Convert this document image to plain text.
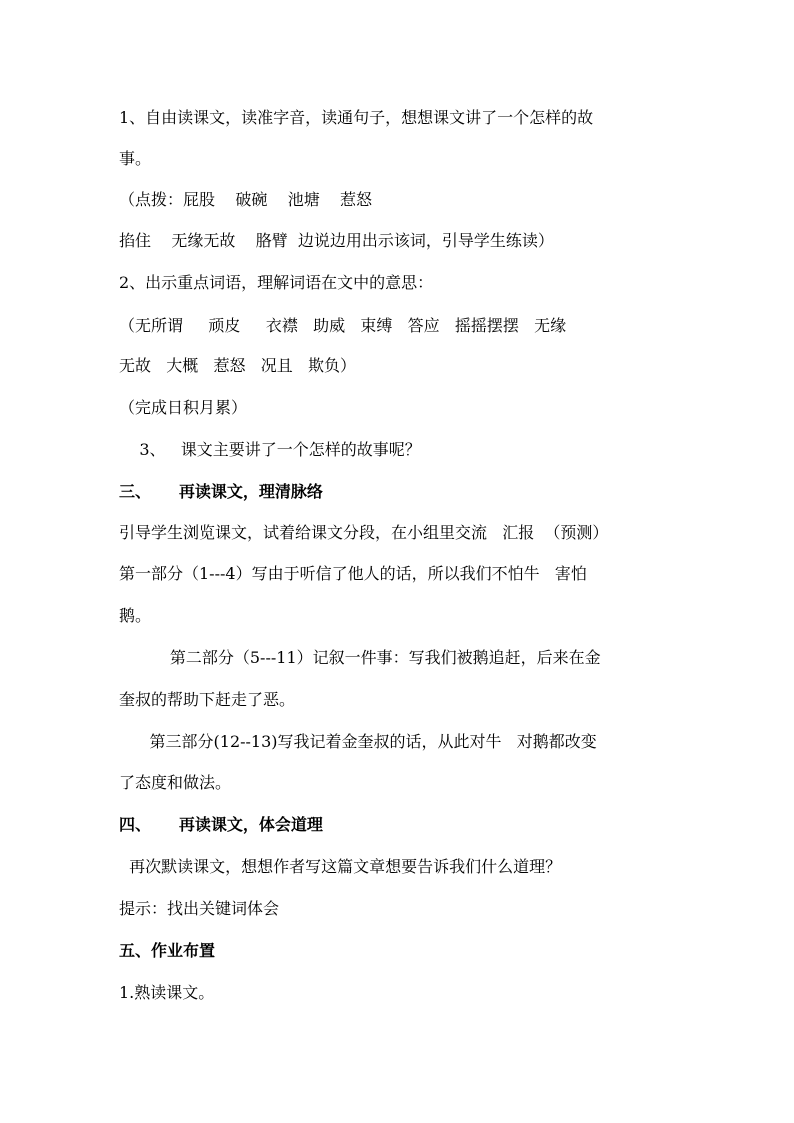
1、自由读课文，读准字音，读通句子，想想课文讲了一个怎样的故
事。
（点拨：屁股    破碗    池塘    惹怒
掐住    无缘无故    胳臂  边说边用出示该词，引导学生练读）
2、出示重点词语，理解词语在文中的意思：
（无所谓     顽皮     衣襟   助威   束缚   答应   摇摇摆摆   无缘
无故   大概   惹怒   况且   欺负）
（完成日积月累）
3、   课文主要讲了一个怎样的故事呢？
三、     再读课文，理清脉络
引导学生浏览课文，试着给课文分段，在小组里交流   汇报  （预测）
第一部分（1---4）写由于听信了他人的话，所以我们不怕牛   害怕
鹅。
第二部分（5---11）记叙一件事：写我们被鹅追赶，后来在金
奎叔的帮助下赶走了恶。
第三部分(12--13)写我记着金奎叔的话，从此对牛   对鹅都改变
了态度和做法。
四、     再读课文，体会道理
再次默读课文，想想作者写这篇文章想要告诉我们什么道理？
提示：找出关键词体会
五、作业布置
1.熟读课文。
